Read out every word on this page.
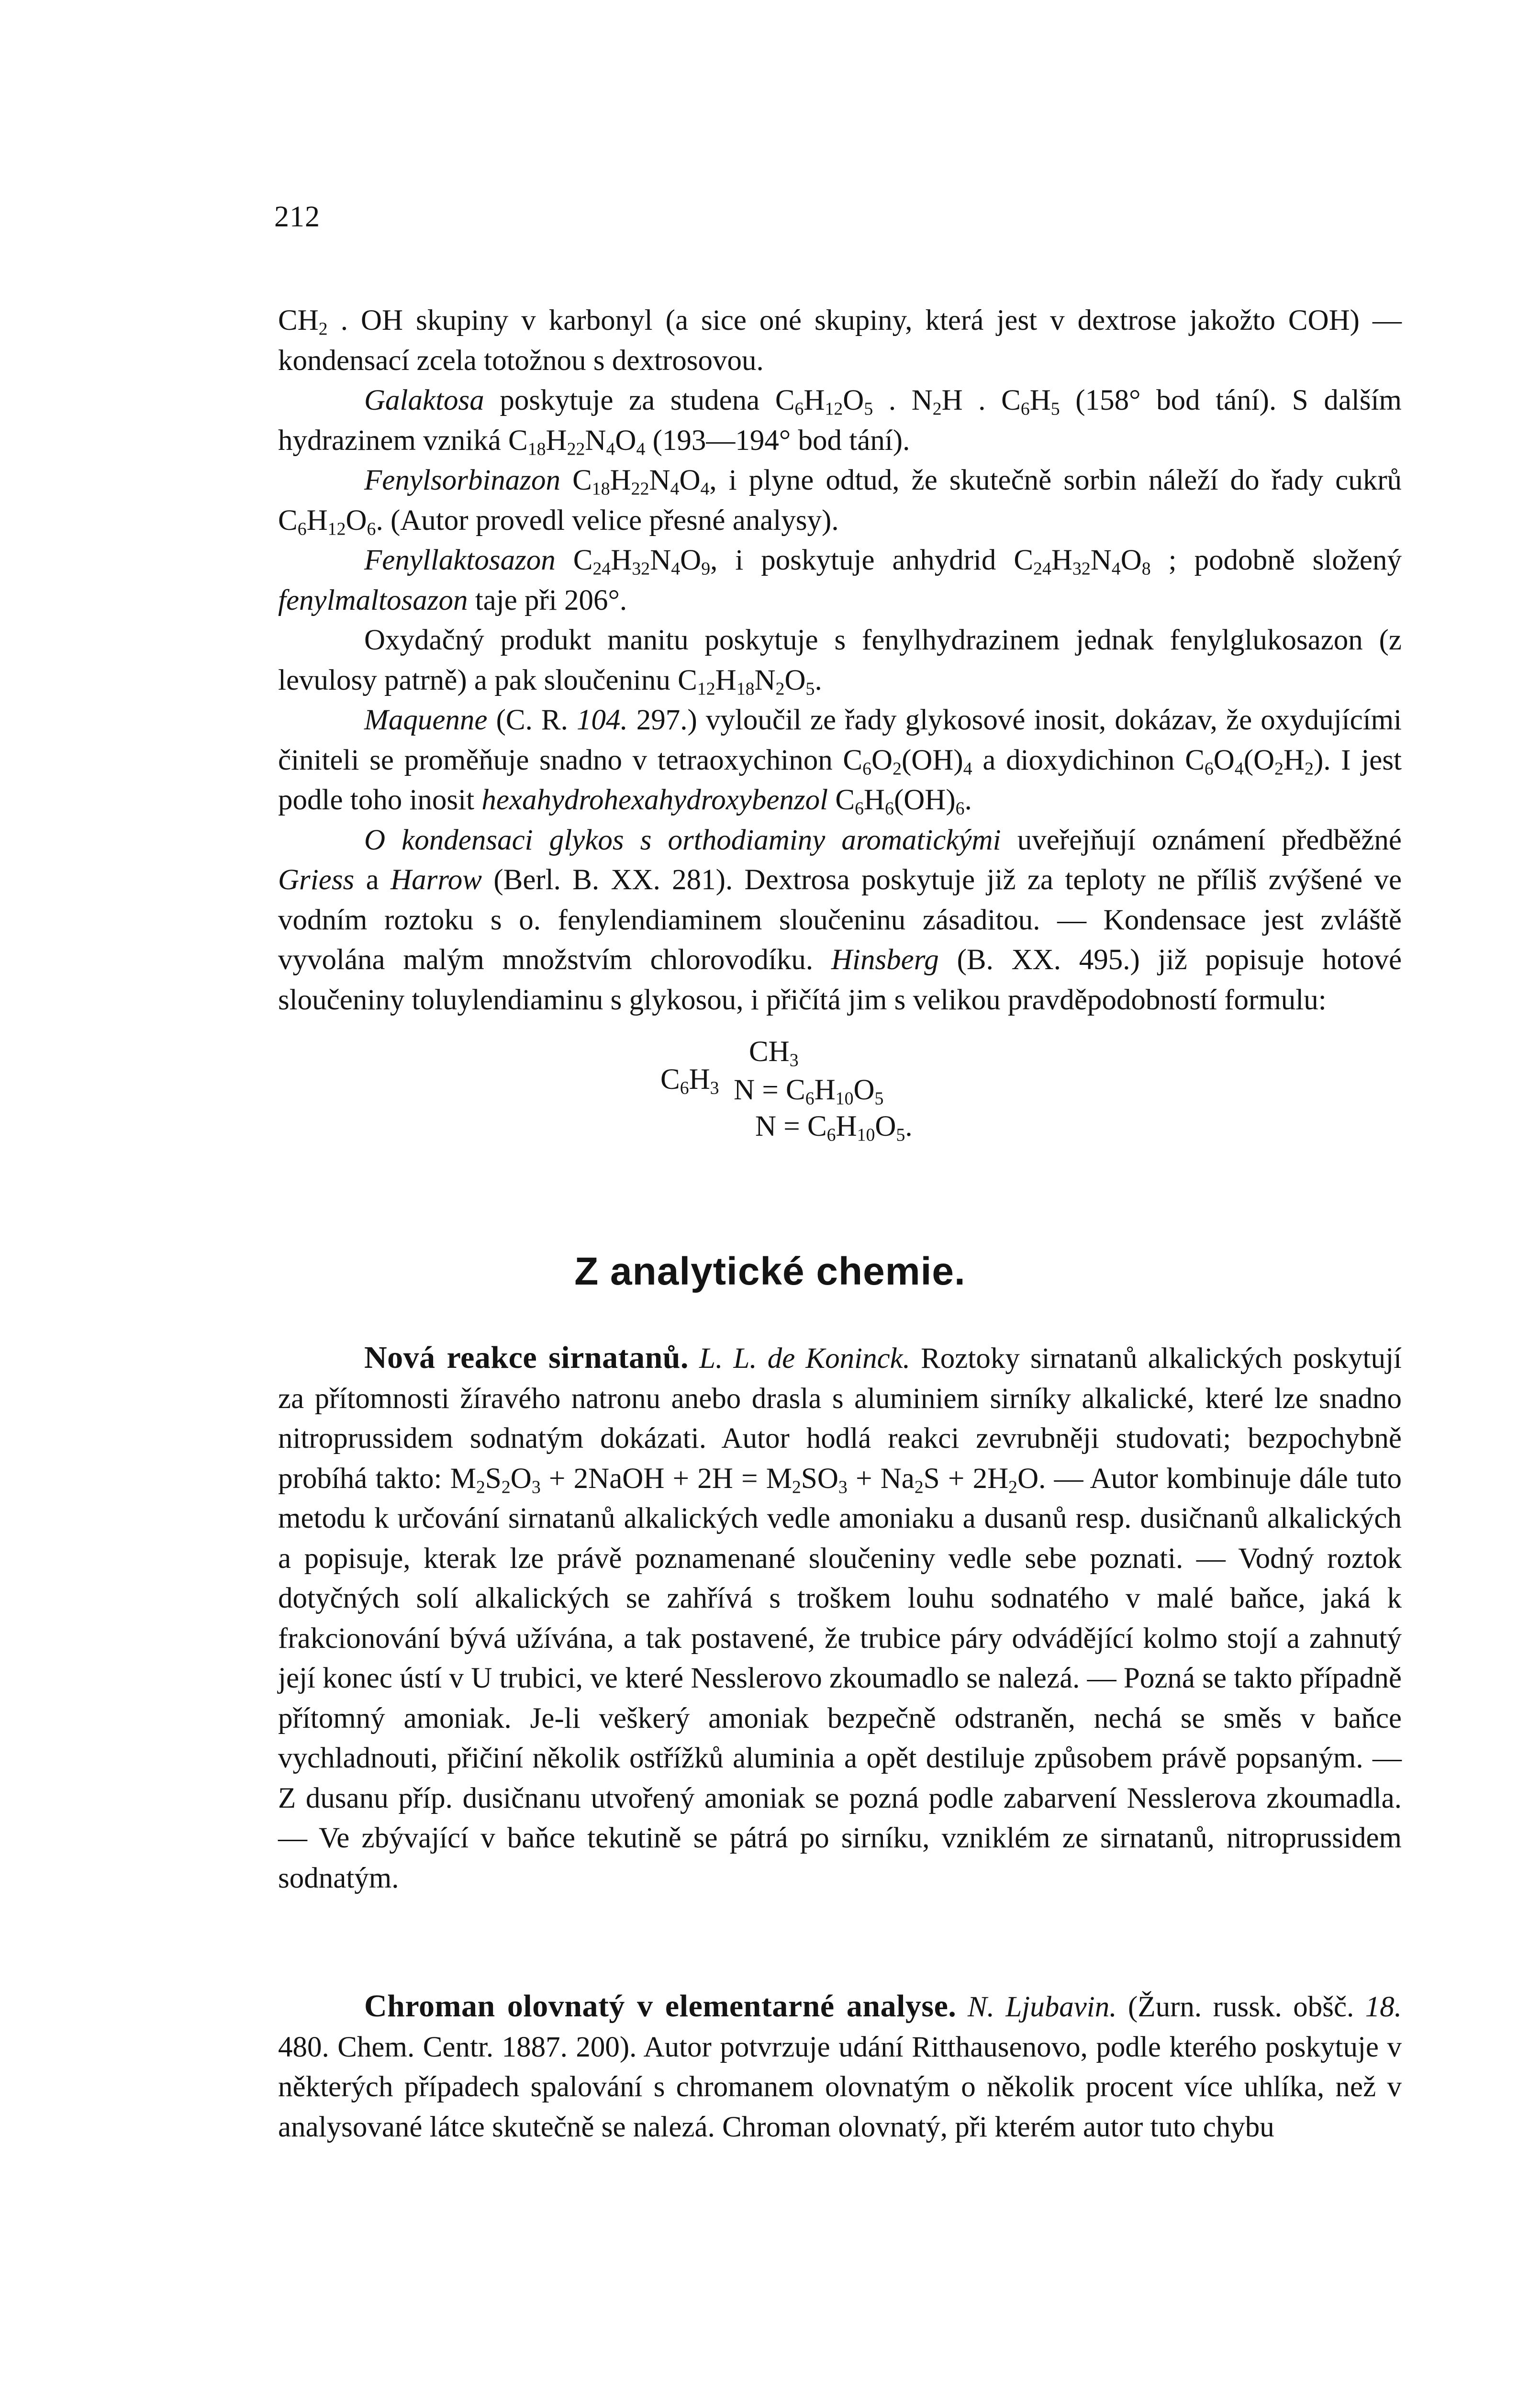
212

$CH_2$ . OH skupiny v karbonyl (a sice oné skupiny, která jest v dextrose jakožto COH) — kondensací zcela totožnou s dextrosovou.

Galaktosa poskytuje za studena $C_6H_{12}O_5$ . $N_2H$ . $C_6H_5$ (158° bod tání). S dalším hydrazinem vzniká $C_{18}H_{22}N_4O_4$ (193—194° bod tání).

Fenylsorbinazon $C_{18}H_{22}N_4O_4$, i plyne odtud, že skutečně sorbin náleží do řady cukrů $C_6H_{12}O_6$. (Autor provedl velice přesné analysy).

Fenyllaktosazon $C_{24}H_{32}N_4O_9$, i poskytuje anhydrid $C_{24}H_{32}N_4O_8$ ; podobně složený fenylmaltosazon taje při 206°.

Oxydačný produkt manitu poskytuje s fenylhydrazinem jednak fenylglukosazon (z levulosy patrně) a pak sloučeninu $C_{12}H_{18}N_2O_5$.

Maquenne (C. R. 104. 297.) vyloučil ze řady glykosové inosit, dokázav, že oxydujícími činiteli se proměňuje snadno v tetraoxychinon $C_6O_2(OH)_4$ a dioxydichinon $C_6O_4(O_2H_2)$. I jest podle toho inosit hexahydrohexahydroxybenzol $C_6H_6(OH)_6$.

O kondensaci glykos s orthodiaminy aromatickými uveřejňují oznámení předběžné Griess a Harrow (Berl. B. XX. 281). Dextrosa poskytuje již za teploty ne příliš zvýšené ve vodním roztoku s o. fenylendiaminem sloučeninu zásaditou. — Kondensace jest zvláště vyvolána malým množstvím chlorovodíku. Hinsberg (B. XX. 495.) již popisuje hotové sloučeniny toluylendiaminu s glykosou, i přičítá jim s velikou pravděpodobností formulu:

$CH_3$
$C_6H_3$ $N = C_6H_{10}O_5$
$N = C_6H_{10}O_5$.
Z analytické chemie.

Nová reakce sirnatanů. L. L. de Koninck. Roztoky sirnatanů alkalických poskytují za přítomnosti žíravého natronu anebo drasla s aluminiem sirníky alkalické, které lze snadno nitroprussidem sodnatým dokázati. Autor hodlá reakci zevrubněji studovati; bezpochybně probíhá takto: $M_2S_2O_3$ + 2NaOH + $2H = M_2SO_3 + Na_2S + 2H_2O$. — Autor kombinuje dále tuto metodu k určování sirnatanů alkalických vedle amoniaku a dusanů resp. dusičnanů alkalických a popisuje, kterak lze právě poznamenané sloučeniny vedle sebe poznati. — Vodný roztok dotyčných solí alkalických se zahřívá s troškem louhu sodnatého v malé baňce, jaká k frakcionování bývá užívána, a tak postavené, že trubice páry odvádějící kolmo stojí a zahnutý její konec ústí v U trubici, ve které Nesslerovo zkoumadlo se nalezá. — Pozná se takto případně přítomný amoniak. Je-li veškerý amoniak bezpečně odstraněn, nechá se směs v baňce vychladnouti, přičiní několik ostřížků aluminia a opět destiluje způsobem právě popsaným. — Z dusanu příp. dusičnanu utvořený amoniak se pozná podle zabarvení Nesslerova zkoumadla. — Ve zbývající v baňce tekutině se pátrá po sirníku, vzniklém ze sirnatanů, nitroprussidem sodnatým.

Chroman olovnatý v elementarné analyse. N. Ljubavin. (Žurn. russk. obšč. 18. 480. Chem. Centr. 1887. 200). Autor potvrzuje udání Ritthausenovo, podle kterého poskytuje v některých případech spalování s chromanem olovnatým o několik procent více uhlíka, než v analysované látce skutečně se nalezá. Chroman olovnatý, při kterém autor tuto chybu
